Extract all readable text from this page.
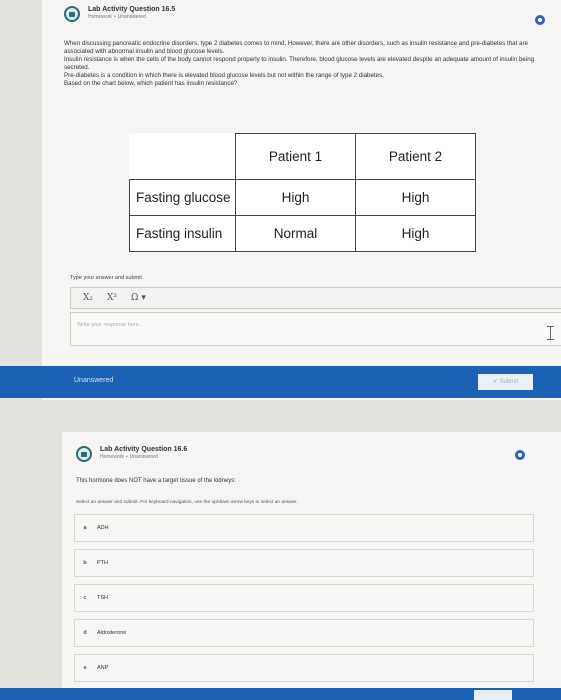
Lab Activity Question 16.5
Homework • Unanswered

When discussing pancreatic endocrine disorders, type 2 diabetes comes to mind. However, there are other disorders, such as insulin resistance and pre-diabetes that are associated with abnormal insulin and blood glucose levels.

Insulin resistance is when the cells of the body cannot respond properly to insulin. Therefore, blood glucose levels are elevated despite an adequate amount of insulin being secreted.

Pre-diabetes is a condition in which there is elevated blood glucose levels but not within the range of type 2 diabetes.

Based on the chart below, which patient has insulin resistance?

	Patient 1	Patient 2
Fasting glucose	High	High
Fasting insulin	Normal	High
Type your answer and submit
X₂ X² Ω ▾
Write your response here...
Unanswered	✔ Submit
Lab Activity Question 16.6
Homework • Unanswered
This hormone does NOT have a target tissue of the kidneys:
Select an answer and submit. For keyboard navigation, use the up/down arrow keys to select an answer.
a	ADH
b	PTH
c	TSH
d	Aldosterone
e	ANP
